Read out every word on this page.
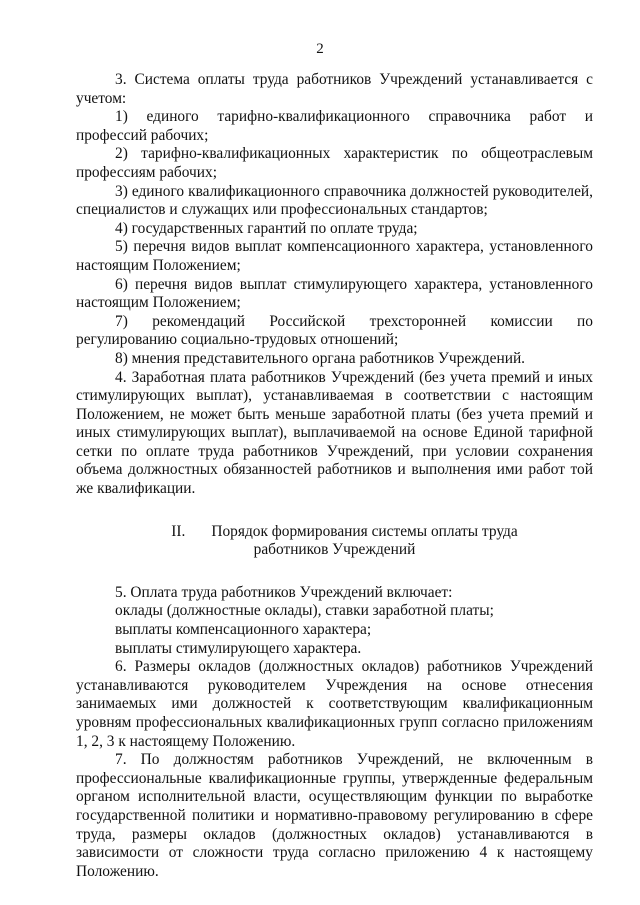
2

3. Система оплаты труда работников Учреждений устанавливается с учетом:

1) единого тарифно-квалификационного справочника работ и профессий рабочих;

2) тарифно-квалификационных характеристик по общеотраслевым профессиям рабочих;

3) единого квалификационного справочника должностей руководителей, специалистов и служащих или профессиональных стандартов;

4) государственных гарантий по оплате труда;

5) перечня видов выплат компенсационного характера, установленного настоящим Положением;

6) перечня видов выплат стимулирующего характера, установленного настоящим Положением;

7) рекомендаций Российской трехсторонней комиссии по регулированию социально-трудовых отношений;

8) мнения представительного органа работников Учреждений.

4. Заработная плата работников Учреждений (без учета премий и иных стимулирующих выплат), устанавливаемая в соответствии с настоящим Положением, не может быть меньше заработной платы (без учета премий и иных стимулирующих выплат), выплачиваемой на основе Единой тарифной сетки по оплате труда работников Учреждений, при условии сохранения объема должностных обязанностей работников и выполнения ими работ той же квалификации.

II. Порядок формирования системы оплаты труда
работников Учреждений

5. Оплата труда работников Учреждений включает:

оклады (должностные оклады), ставки заработной платы;

выплаты компенсационного характера;

выплаты стимулирующего характера.

6. Размеры окладов (должностных окладов) работников Учреждений устанавливаются руководителем Учреждения на основе отнесения занимаемых ими должностей к соответствующим квалификационным уровням профессиональных квалификационных групп согласно приложениям 1, 2, 3 к настоящему Положению.

7. По должностям работников Учреждений, не включенным в профессиональные квалификационные группы, утвержденные федеральным органом исполнительной власти, осуществляющим функции по выработке государственной политики и нормативно-правовому регулированию в сфере труда, размеры окладов (должностных окладов) устанавливаются в зависимости от сложности труда согласно приложению 4 к настоящему Положению.
